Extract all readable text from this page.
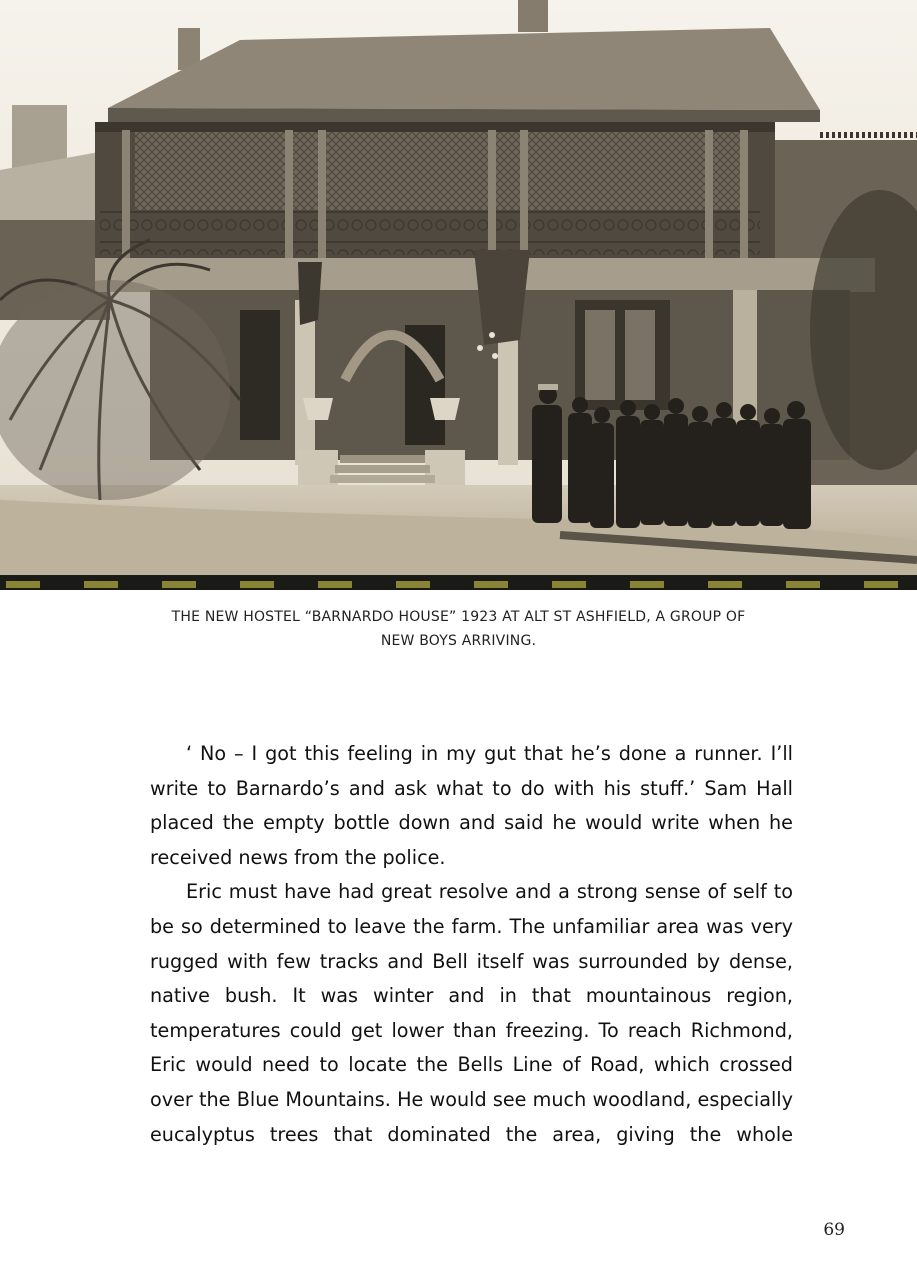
THE NEW HOSTEL “BARNARDO HOUSE” 1923 AT ALT ST ASHFIELD, A GROUP OF
NEW BOYS ARRIVING.

‘ No – I got this feeling in my gut that he’s done a runner. I’ll write to Barnardo’s and ask what to do with his stuff.’ Sam Hall placed the empty bottle down and said he would write when he received news from the police.

Eric must have had great resolve and a strong sense of self to be so determined to leave the farm. The unfamiliar area was very rugged with few tracks and Bell itself was surrounded by dense, native bush. It was winter and in that mountainous region, temperatures could get lower than freezing. To reach Richmond, Eric would need to locate the Bells Line of Road, which crossed over the Blue Mountains. He would see much woodland, especially eucalyptus trees that dominated the area, giving the whole

69
